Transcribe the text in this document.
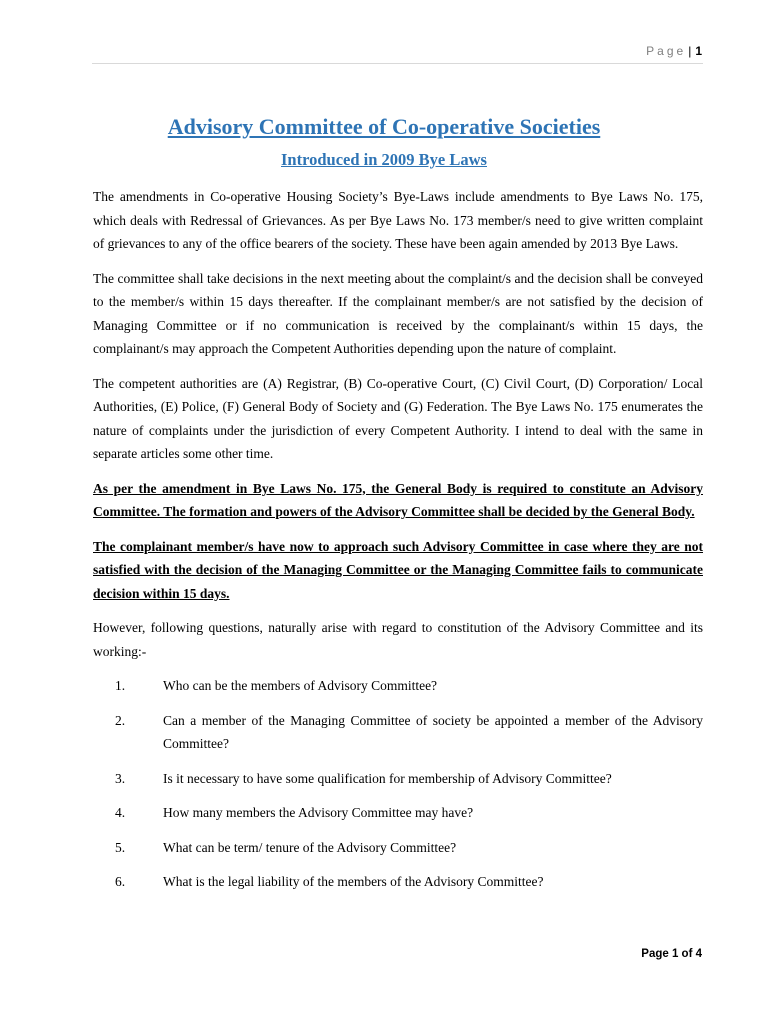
Page | 1
Advisory Committee of Co-operative Societies
Introduced in 2009 Bye Laws

The amendments in Co-operative Housing Society’s Bye-Laws include amendments to Bye Laws No. 175, which deals with Redressal of Grievances. As per Bye Laws No. 173 member/s need to give written complaint of grievances to any of the office bearers of the society. These have been again amended by 2013 Bye Laws.

The committee shall take decisions in the next meeting about the complaint/s and the decision shall be conveyed to the member/s within 15 days thereafter. If the complainant member/s are not satisfied by the decision of Managing Committee or if no communication is received by the complainant/s within 15 days, the complainant/s may approach the Competent Authorities depending upon the nature of complaint.

The competent authorities are (A) Registrar, (B) Co-operative Court, (C) Civil Court, (D) Corporation/ Local Authorities, (E) Police, (F) General Body of Society and (G) Federation. The Bye Laws No. 175 enumerates the nature of complaints under the jurisdiction of every Competent Authority. I intend to deal with the same in separate articles some other time.

As per the amendment in Bye Laws No. 175, the General Body is required to constitute an Advisory Committee. The formation and powers of the Advisory Committee shall be decided by the General Body.

The complainant member/s have now to approach such Advisory Committee in case where they are not satisfied with the decision of the Managing Committee or the Managing Committee fails to communicate decision within 15 days.

However, following questions, naturally arise with regard to constitution of the Advisory Committee and its working:-

1.	Who can be the members of Advisory Committee?
2.	Can a member of the Managing Committee of society be appointed a member of the Advisory Committee?
3.	Is it necessary to have some qualification for membership of Advisory Committee?
4.	How many members the Advisory Committee may have?
5.	What can be term/ tenure of the Advisory Committee?
6.	What is the legal liability of the members of the Advisory Committee?
Page 1 of 4
